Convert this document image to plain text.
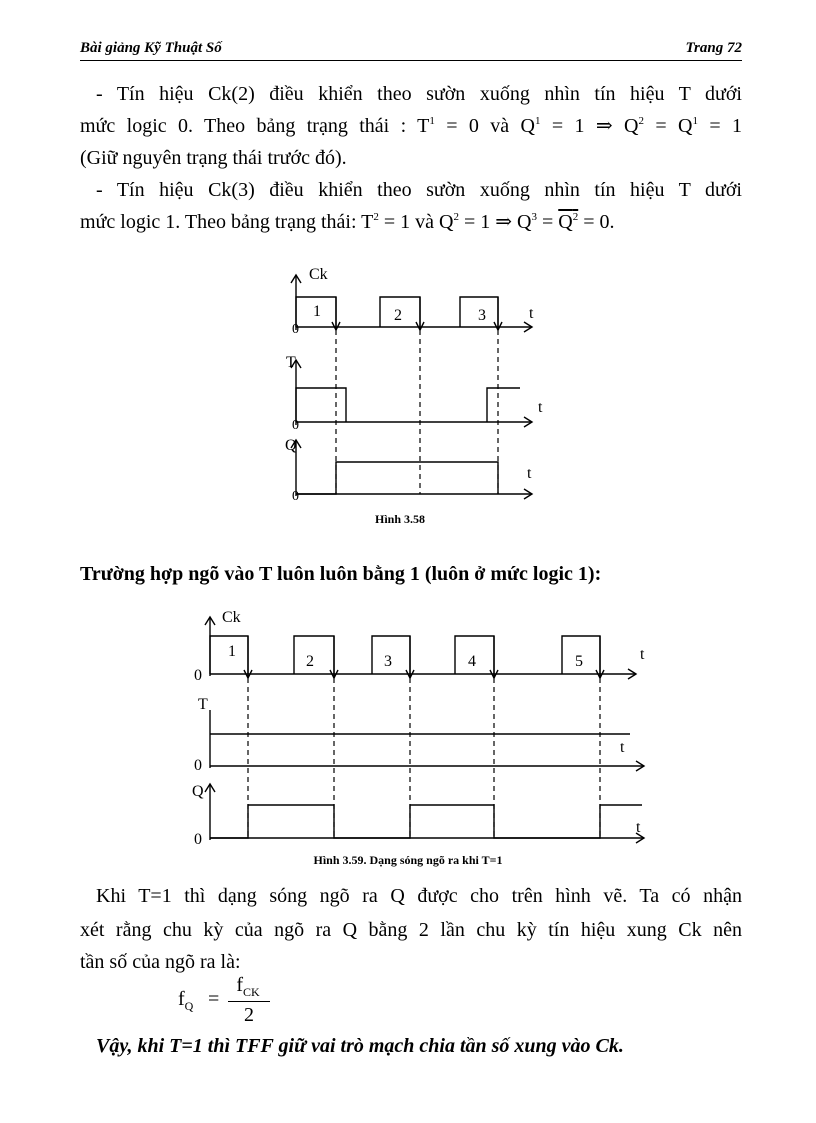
Bài giảng Kỹ Thuật Số	Trang 72
- Tín hiệu Ck(2) điều khiển theo sườn xuống nhìn tín hiệu T dưới
mức logic 0. Theo bảng trạng thái : $T^1 = 0$ và $Q^1 = 1$ ⇒ $Q^2 = Q^1 = 1$
(Giữ nguyên trạng thái trước đó).
- Tín hiệu Ck(3) điều khiển theo sườn xuống nhìn tín hiệu T dưới
mức logic 1. Theo bảng trạng thái: $T^2 = 1$ và $Q^2 = 1$ ⇒ $Q^3 = Q^2 = 0$.
Ck
1	2	3	t
0
T
t
0
Q
t
0
Hình 3.58
Trường hợp ngõ vào T luôn luôn bằng 1 (luôn ở mức logic 1):
Ck
1
2	3	4	5	t
0
T
t
0
Q
t
0
Hình 3.59. Dạng sóng ngõ ra khi T=1
Khi T=1 thì dạng sóng ngõ ra Q được cho trên hình vẽ. Ta có nhận
xét rằng chu kỳ của ngõ ra Q bằng 2 lần chu kỳ tín hiệu xung Ck nên
tần số của ngõ ra là:
$f_Q$ =
$f_{CK}$
2
Vậy, khi T=1 thì TFF giữ vai trò mạch chia tần số xung vào Ck.
